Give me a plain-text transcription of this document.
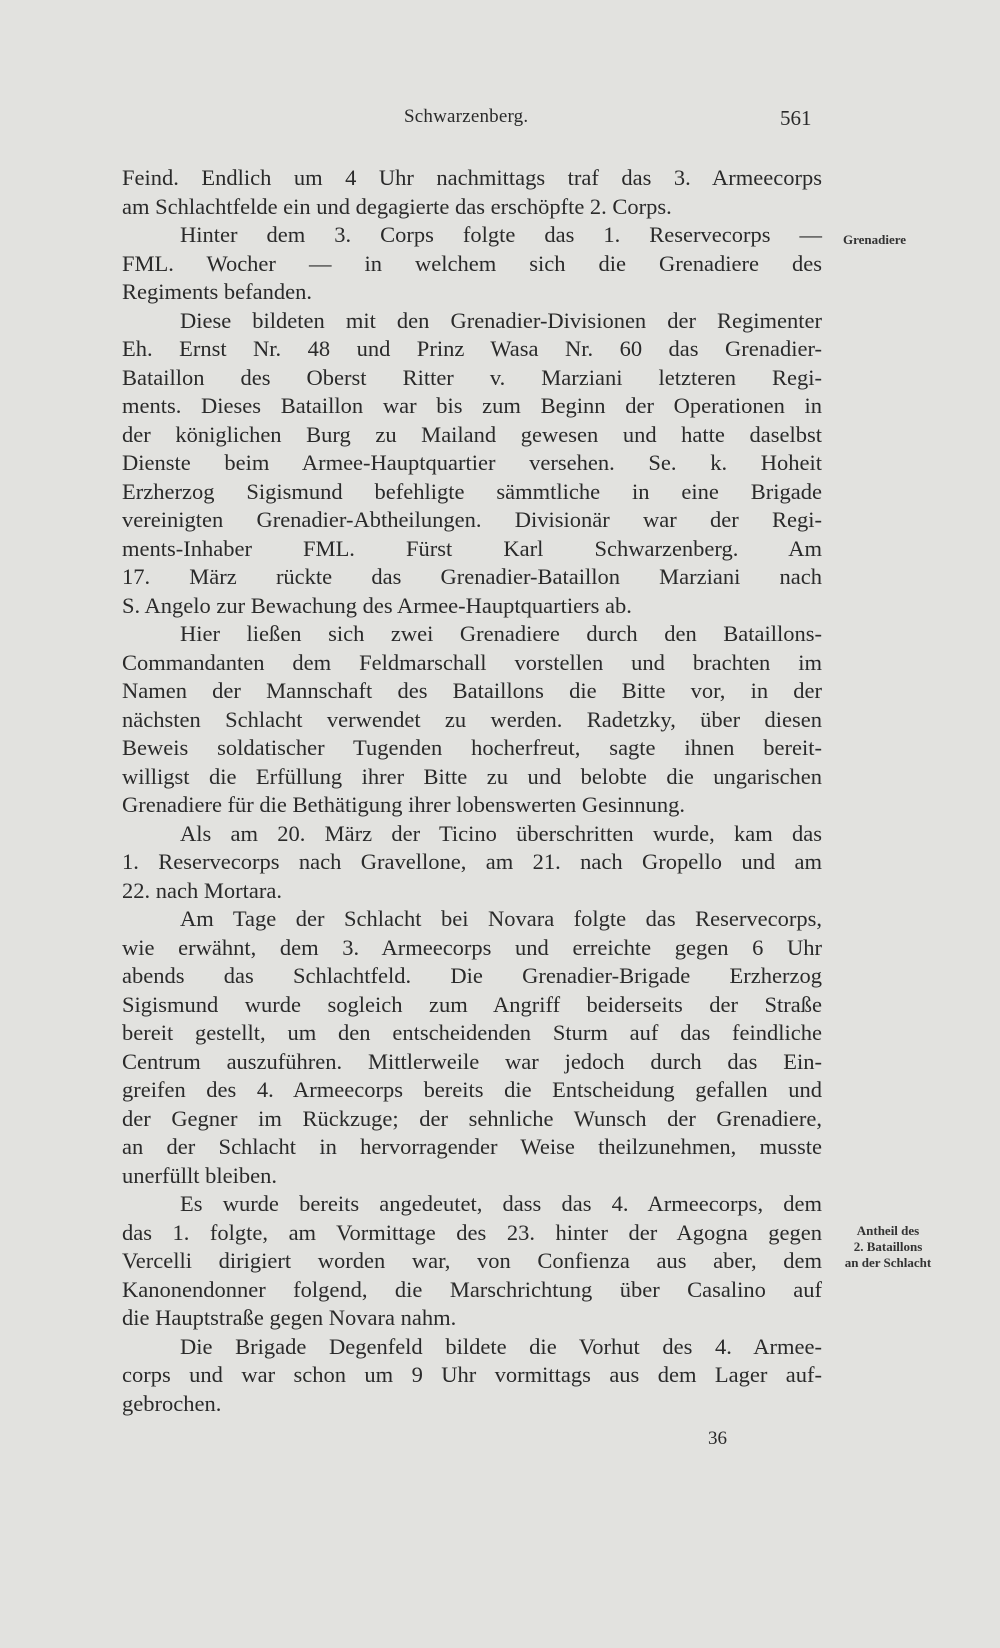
Schwarzenberg.	561
Grenadiere
Antheil des
2. Bataillons
an der Schlacht
Feind. Endlich um 4 Uhr nachmittags traf das 3. Armeecorps
am Schlachtfelde ein und degagierte das erschöpfte 2. Corps.
Hinter dem 3. Corps folgte das 1. Reservecorps —
FML. Wocher — in welchem sich die Grenadiere des
Regiments befanden.
Diese bildeten mit den Grenadier-Divisionen der Regimenter
Eh. Ernst Nr. 48 und Prinz Wasa Nr. 60 das Grenadier-
Bataillon des Oberst Ritter v. Marziani letzteren Regi-
ments. Dieses Bataillon war bis zum Beginn der Operationen in
der königlichen Burg zu Mailand gewesen und hatte daselbst
Dienste beim Armee-Hauptquartier versehen. Se. k. Hoheit
Erzherzog Sigismund befehligte sämmtliche in eine Brigade
vereinigten Grenadier-Abtheilungen. Divisionär war der Regi-
ments-Inhaber FML. Fürst Karl Schwarzenberg. Am
17. März rückte das Grenadier-Bataillon Marziani nach
S. Angelo zur Bewachung des Armee-Hauptquartiers ab.
Hier ließen sich zwei Grenadiere durch den Bataillons-
Commandanten dem Feldmarschall vorstellen und brachten im
Namen der Mannschaft des Bataillons die Bitte vor, in der
nächsten Schlacht verwendet zu werden. Radetzky, über diesen
Beweis soldatischer Tugenden hocherfreut, sagte ihnen bereit-
willigst die Erfüllung ihrer Bitte zu und belobte die ungarischen
Grenadiere für die Bethätigung ihrer lobenswerten Gesinnung.
Als am 20. März der Ticino überschritten wurde, kam das
1. Reservecorps nach Gravellone, am 21. nach Gropello und am
22. nach Mortara.
Am Tage der Schlacht bei Novara folgte das Reservecorps,
wie erwähnt, dem 3. Armeecorps und erreichte gegen 6 Uhr
abends das Schlachtfeld. Die Grenadier-Brigade Erzherzog
Sigismund wurde sogleich zum Angriff beiderseits der Straße
bereit gestellt, um den entscheidenden Sturm auf das feindliche
Centrum auszuführen. Mittlerweile war jedoch durch das Ein-
greifen des 4. Armeecorps bereits die Entscheidung gefallen und
der Gegner im Rückzuge; der sehnliche Wunsch der Grenadiere,
an der Schlacht in hervorragender Weise theilzunehmen, musste
unerfüllt bleiben.
Es wurde bereits angedeutet, dass das 4. Armeecorps, dem
das 1. folgte, am Vormittage des 23. hinter der Agogna gegen
Vercelli dirigiert worden war, von Confienza aus aber, dem
Kanonendonner folgend, die Marschrichtung über Casalino auf
die Hauptstraße gegen Novara nahm.
Die Brigade Degenfeld bildete die Vorhut des 4. Armee-
corps und war schon um 9 Uhr vormittags aus dem Lager auf-
gebrochen.
36
